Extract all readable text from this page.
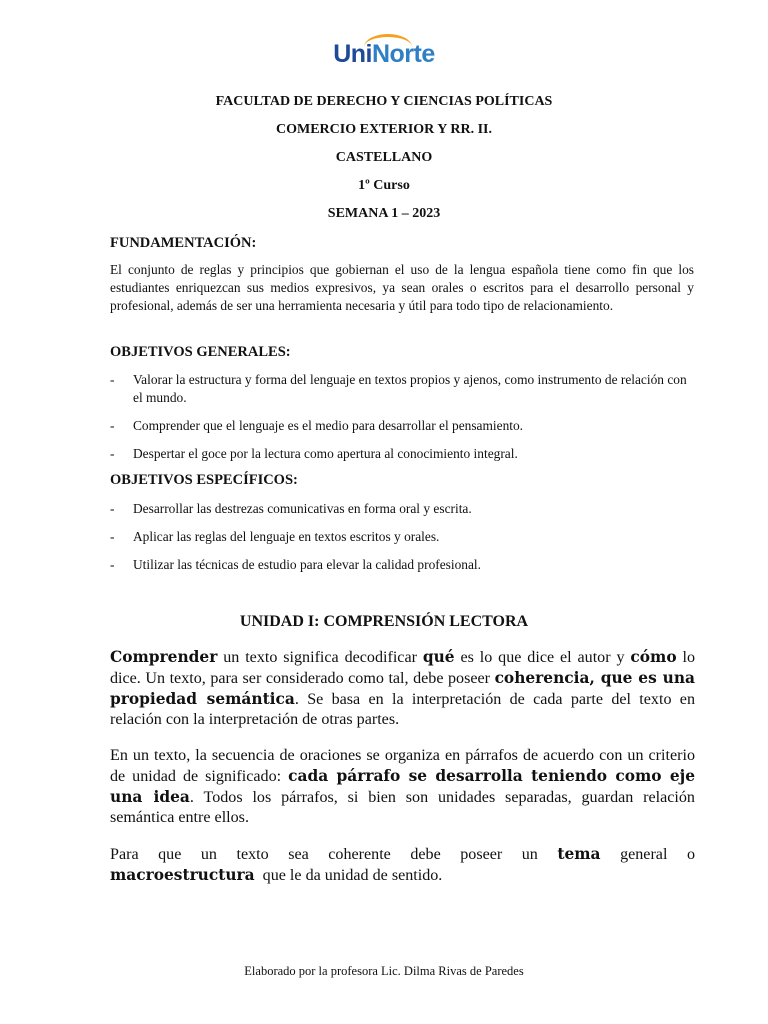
UniNorte
FACULTAD DE DERECHO Y CIENCIAS POLÍTICAS
COMERCIO EXTERIOR Y RR. II.
CASTELLANO
1º Curso
SEMANA 1 – 2023
FUNDAMENTACIÓN:
El conjunto de reglas y principios que gobiernan el uso de la lengua española tiene como fin que los estudiantes enriquezcan sus medios expresivos, ya sean orales o escritos para el desarrollo personal y profesional, además de ser una herramienta necesaria y útil para todo tipo de relacionamiento.
OBJETIVOS GENERALES:
- Valorar la estructura y forma del lenguaje en textos propios y ajenos, como instrumento de relación con el mundo.
- Comprender que el lenguaje es el medio para desarrollar el pensamiento.
- Despertar el goce por la lectura como apertura al conocimiento integral.
OBJETIVOS ESPECÍFICOS:
- Desarrollar las destrezas comunicativas en forma oral y escrita.
- Aplicar las reglas del lenguaje en textos escritos y orales.
- Utilizar las técnicas de estudio para elevar la calidad profesional.
UNIDAD I: COMPRENSIÓN LECTORA
Comprender un texto significa decodificar qué es lo que dice el autor y cómo lo dice. Un texto, para ser considerado como tal, debe poseer coherencia, que es una propiedad semántica. Se basa en la interpretación de cada parte del texto en relación con la interpretación de otras partes.
En un texto, la secuencia de oraciones se organiza en párrafos de acuerdo con un criterio de unidad de significado: cada párrafo se desarrolla teniendo como eje una idea. Todos los párrafos, si bien son unidades separadas, guardan relación semántica entre ellos.
Para que un texto sea coherente debe poseer un tema general o
macroestructura  que le da unidad de sentido.
Elaborado por la profesora Lic. Dilma Rivas de Paredes
